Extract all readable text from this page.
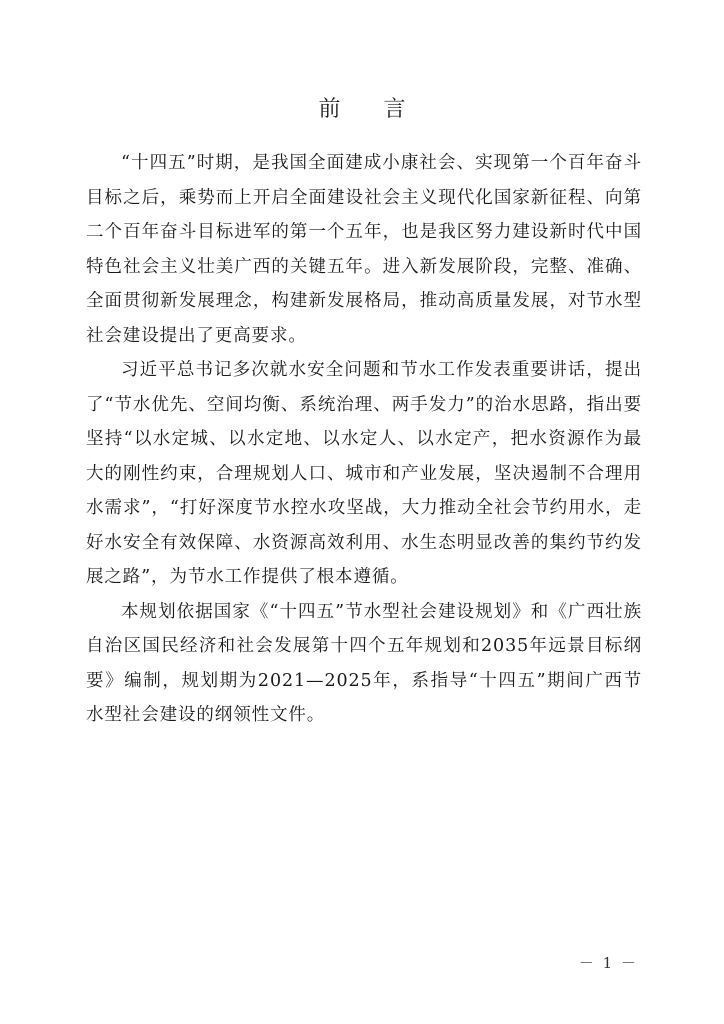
前 言

“十四五”时期，是我国全面建成小康社会、实现第一个百年奋斗目标之后，乘势而上开启全面建设社会主义现代化国家新征程、向第二个百年奋斗目标进军的第一个五年，也是我区努力建设新时代中国特色社会主义壮美广西的关键五年。进入新发展阶段，完整、准确、全面贯彻新发展理念，构建新发展格局，推动高质量发展，对节水型社会建设提出了更高要求。

习近平总书记多次就水安全问题和节水工作发表重要讲话，提出了“节水优先、空间均衡、系统治理、两手发力”的治水思路，指出要坚持“以水定城、以水定地、以水定人、以水定产，把水资源作为最大的刚性约束，合理规划人口、城市和产业发展，坚决遏制不合理用水需求”，“打好深度节水控水攻坚战，大力推动全社会节约用水，走好水安全有效保障、水资源高效利用、水生态明显改善的集约节约发展之路”，为节水工作提供了根本遵循。

本规划依据国家《“十四五”节水型社会建设规划》和《广西壮族自治区国民经济和社会发展第十四个五年规划和2035年远景目标纲要》编制，规划期为2021—2025年，系指导“十四五”期间广西节水型社会建设的纲领性文件。

－ 1 －
